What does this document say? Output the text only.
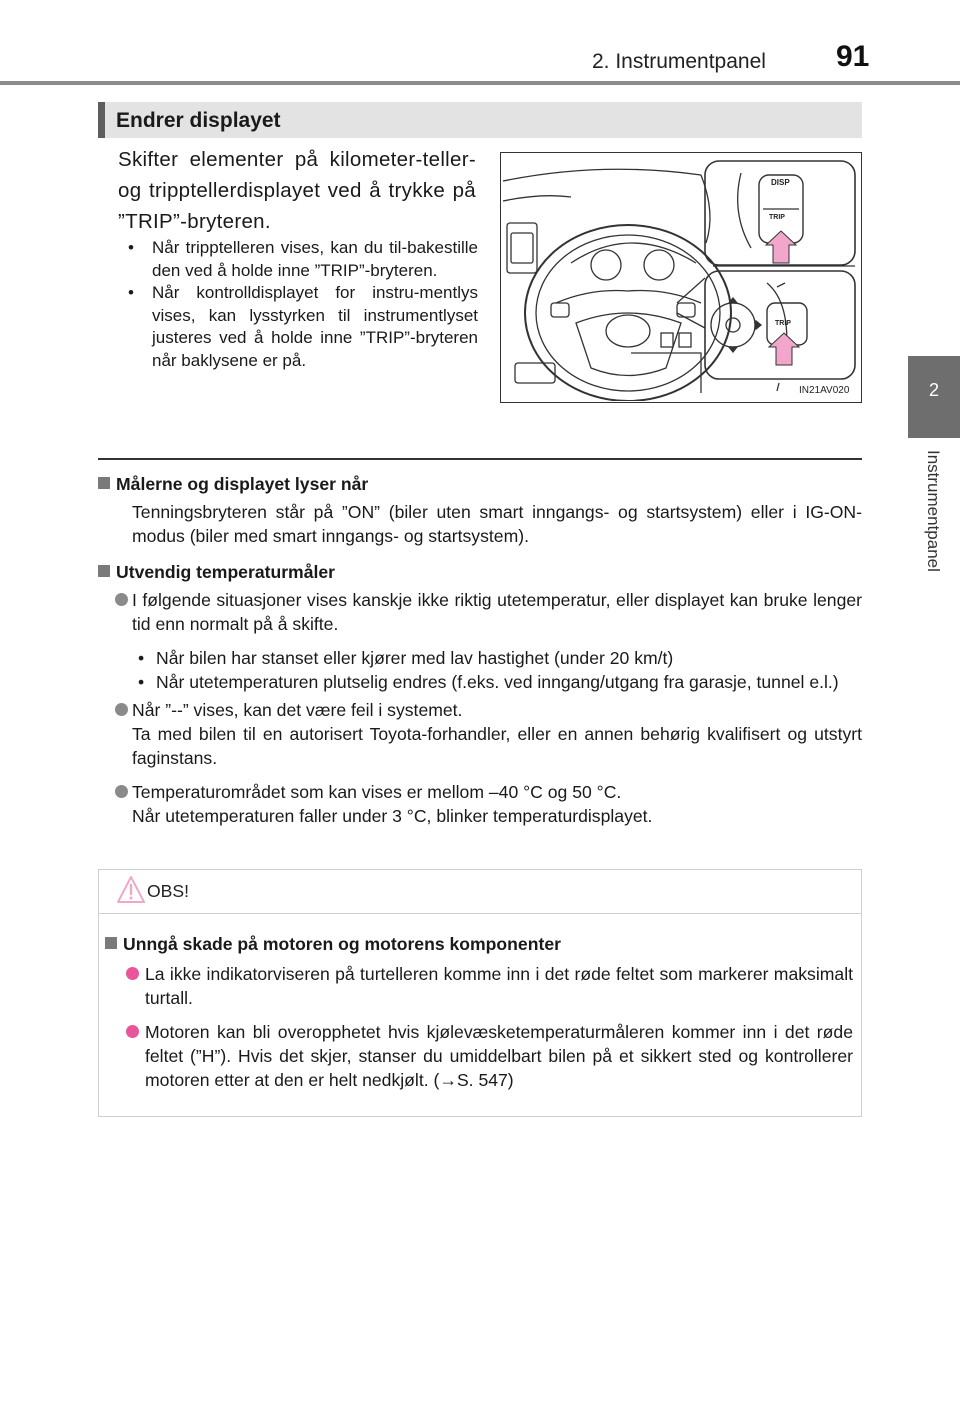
2. Instrumentpanel 91
2
Instrumentpanel
Endrer displayet
Skifter elementer på kilometer-teller- og tripptellerdisplayet ved å trykke på ”TRIP”-bryteren.
• Når tripptelleren vises, kan du til-bakestille den ved å holde inne ”TRIP”-bryteren.
• Når kontrolldisplayet for instru-mentlys vises, kan lysstyrken til instrumentlyset justeres ved å holde inne ”TRIP”-bryteren når baklysene er på.
DISP
TRIP
TRIP
IN21AV020
Målerne og displayet lyser når
Tenningsbryteren står på ”ON” (biler uten smart inngangs- og startsystem) eller i IG-ON-modus (biler med smart inngangs- og startsystem).
Utvendig temperaturmåler
I følgende situasjoner vises kanskje ikke riktig utetemperatur, eller displayet kan bruke lenger tid enn normalt på å skifte.
• Når bilen har stanset eller kjører med lav hastighet (under 20 km/t)
• Når utetemperaturen plutselig endres (f.eks. ved inngang/utgang fra garasje, tunnel e.l.)
Når ”--” vises, kan det være feil i systemet.
Ta med bilen til en autorisert Toyota-forhandler, eller en annen behørig kvalifisert og utstyrt faginstans.
Temperaturområdet som kan vises er mellom –40 °C og 50 °C.
Når utetemperaturen faller under 3 °C, blinker temperaturdisplayet.
OBS!
Unngå skade på motoren og motorens komponenter
La ikke indikatorviseren på turtelleren komme inn i det røde feltet som markerer maksimalt turtall.
Motoren kan bli overopphetet hvis kjølevæsketemperaturmåleren kommer inn i det røde feltet (”H”). Hvis det skjer, stanser du umiddelbart bilen på et sikkert sted og kontrollerer motoren etter at den er helt nedkjølt. (→S. 547)
